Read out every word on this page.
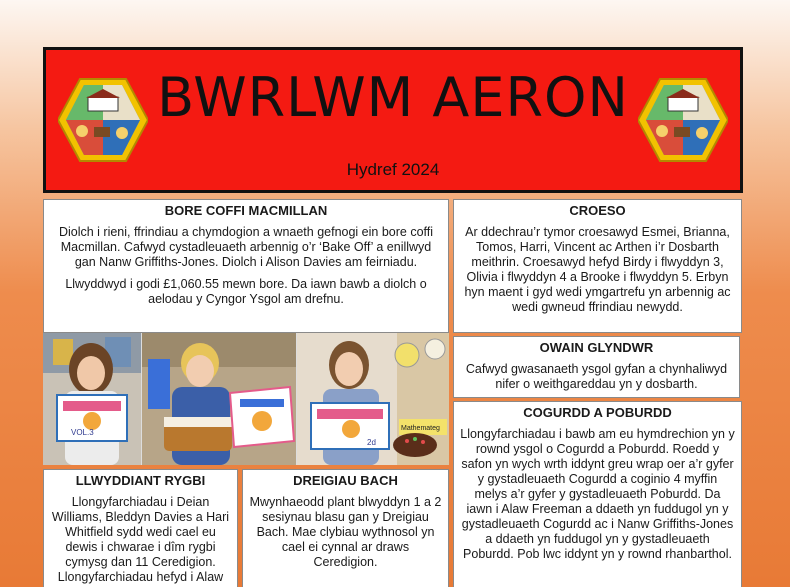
BWRLWM AERON
Hydref 2024
BORE COFFI MACMILLAN

Diolch i rieni, ffrindiau a chymdogion a wnaeth gefnogi ein bore coffi Macmillan. Cafwyd cystadleuaeth arbennig o’r ‘Bake Off’ a enillwyd gan Nanw Griffiths-Jones. Diolch i Alison Davies am feirniadu.

Llwyddwyd i godi £1,060.55 mewn bore. Da iawn bawb a diolch o aelodau y Cyngor Ysgol am drefnu.

CROESO

Ar ddechrau’r tymor croesawyd Esmei, Brianna, Tomos, Harri, Vincent ac Arthen i’r Dosbarth meithrin. Croesawyd hefyd Birdy i flwyddyn 3, Olivia i flwyddyn 4 a Brooke i flwyddyn 5. Erbyn hyn maent i gyd wedi ymgartrefu yn arbennig ac wedi gwneud ffrindiau newydd.

OWAIN GLYNDWR

Cafwyd gwasanaeth ysgol gyfan a chynhaliwyd nifer o weithgareddau yn y dosbarth.

COGURDD A POBURDD

Llongyfarchiadau i bawb am eu hymdrechion yn y rownd ysgol o Cogurdd a Poburdd. Roedd y safon yn wych wrth iddynt greu wrap oer a’r gyfer y gystadleuaeth Cogurdd a coginio 4 myffin melys a’r gyfer y gystadleuaeth Poburdd. Da iawn i Alaw Freeman a ddaeth yn fuddugol yn y gystadleuaeth Cogurdd ac i Nanw Griffiths-Jones a ddaeth yn fuddugol yn y gystadleuaeth Poburdd. Pob lwc iddynt yn y rownd rhanbarthol.

VOL.3	Mathemateg
2d
LLWYDDIANT RYGBI

Llongyfarchiadau i Deian Williams, Bleddyn Davies a Hari Whitfield sydd wedi cael eu dewis i chwarae i dîm rygbi cymysg dan 11 Ceredigion. Llongyfarchiadau hefyd i Alaw

DREIGIAU BACH

Mwynhaeodd plant blwyddyn 1 a 2 sesiynau blasu gan y Dreigiau Bach. Mae clybiau wythnosol yn cael ei cynnal ar draws Ceredigion.
